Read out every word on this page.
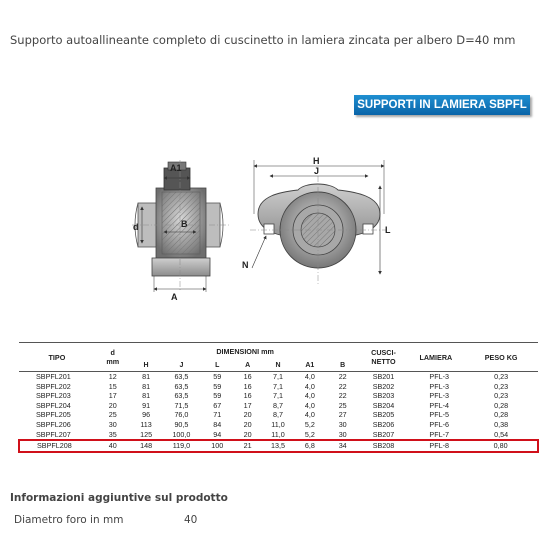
Supporto autoallineante completo di cuscinetto in lamiera zincata per albero D=40 mm
SUPPORTI IN LAMIERA SBPFL
A1
B
d
A
H
J
L
N
TIPO	d
mm	DIMENSIONI mm							CUSCI-
NETTO	LAMIERA	PESO KG
		H	J	L	A	N	A1	B			
SBPFL201	12	81	63,5	59	16	7,1	4,0	22	SB201	PFL-3	0,23
SBPFL202	15	81	63,5	59	16	7,1	4,0	22	SB202	PFL-3	0,23
SBPFL203	17	81	63,5	59	16	7,1	4,0	22	SB203	PFL-3	0,23
SBPFL204	20	91	71,5	67	17	8,7	4,0	25	SB204	PFL-4	0,28
SBPFL205	25	96	76,0	71	20	8,7	4,0	27	SB205	PFL-5	0,28
SBPFL206	30	113	90,5	84	20	11,0	5,2	30	SB206	PFL-6	0,38
SBPFL207	35	125	100,0	94	20	11,0	5,2	30	SB207	PFL-7	0,54
SBPFL208	40	148	119,0	100	21	13,5	6,8	34	SB208	PFL-8	0,80
Informazioni aggiuntive sul prodotto
Diametro foro in mm	40
